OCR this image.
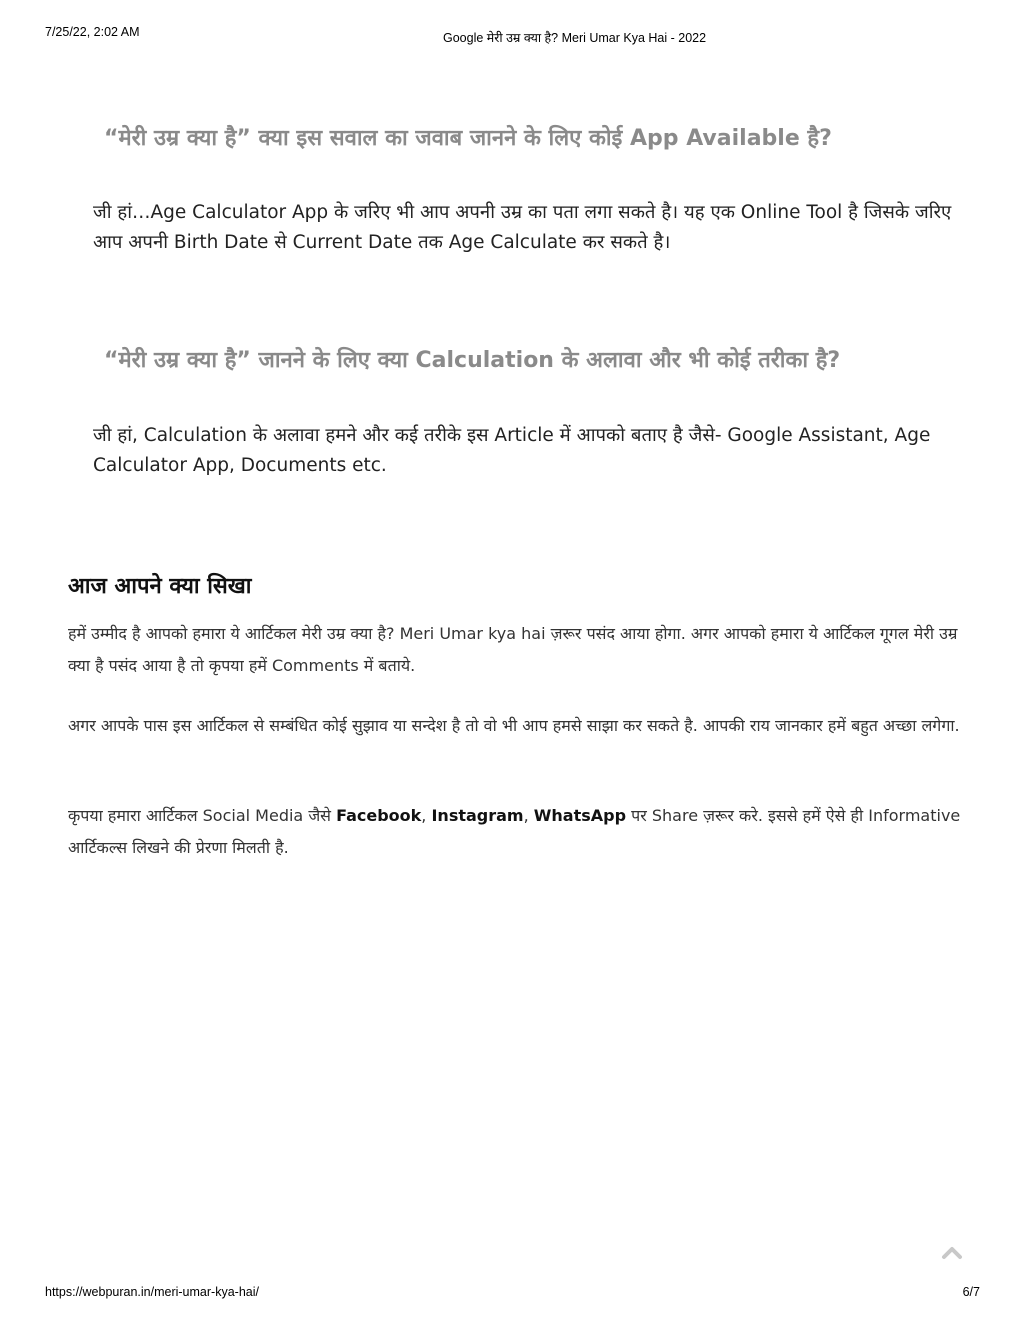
7/25/22, 2:02 AM	Google मेरी उम्र क्या है? Meri Umar Kya Hai - 2022
“मेरी उम्र क्या है” क्या इस सवाल का जवाब जानने के लिए कोई App Available है?

जी हां…Age Calculator App के जरिए भी आप अपनी उम्र का पता लगा सकते है। यह एक Online Tool है जिसके जरिए आप अपनी Birth Date से Current Date तक Age Calculate कर सकते है।

“मेरी उम्र क्या है” जानने के लिए क्या Calculation के अलावा और भी कोई तरीका है?

जी हां, Calculation के अलावा हमने और कई तरीके इस Article में आपको बताए है जैसे- Google Assistant, Age Calculator App, Documents etc.

आज आपने क्या सिखा

हमें उम्मीद है आपको हमारा ये आर्टिकल मेरी उम्र क्या है? Meri Umar kya hai ज़रूर पसंद आया होगा. अगर आपको हमारा ये आर्टिकल गूगल मेरी उम्र क्या है पसंद आया है तो कृपया हमें Comments में बताये.

अगर आपके पास इस आर्टिकल से सम्बंधित कोई सुझाव या सन्देश है तो वो भी आप हमसे साझा कर सकते है. आपकी राय जानकार हमें बहुत अच्छा लगेगा.

कृपया हमारा आर्टिकल Social Media जैसे Facebook, Instagram, WhatsApp पर Share ज़रूर करे. इससे हमें ऐसे ही Informative आर्टिकल्स लिखने की प्रेरणा मिलती है.

https://webpuran.in/meri-umar-kya-hai/	6/7
